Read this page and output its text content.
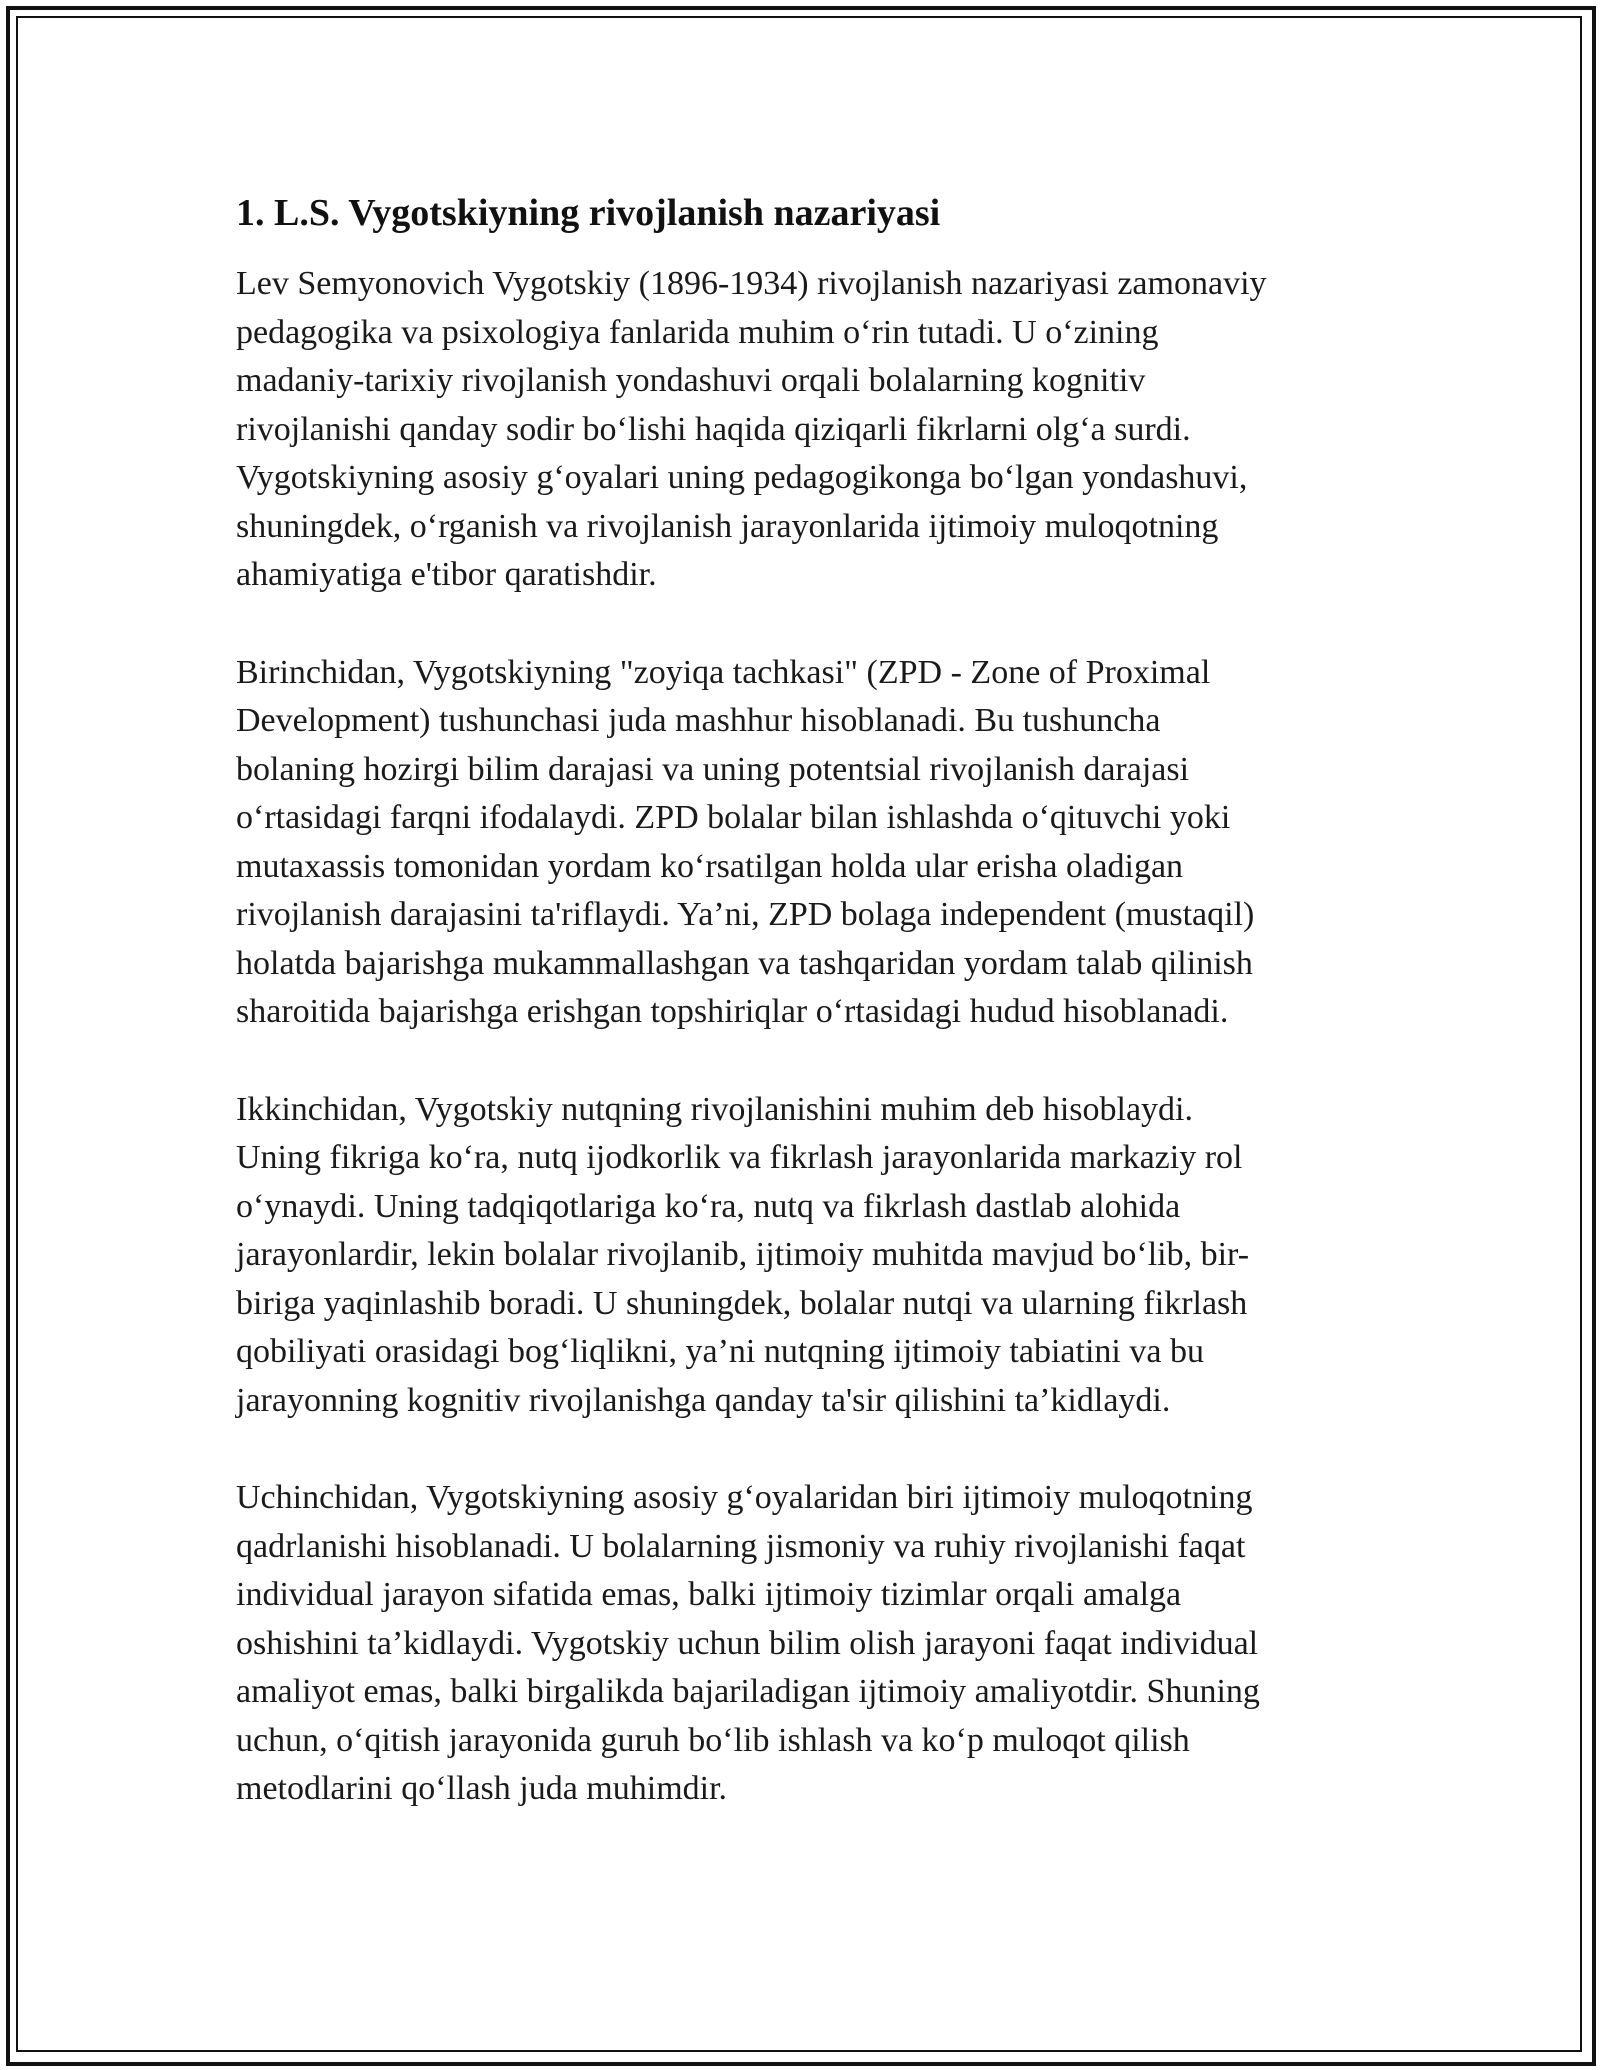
1. L.S. Vygotskiyning rivojlanish nazariyasi

Lev Semyonovich Vygotskiy (1896-1934) rivojlanish nazariyasi zamonaviy
pedagogika va psixologiya fanlarida muhim o‘rin tutadi. U o‘zining
madaniy-tarixiy rivojlanish yondashuvi orqali bolalarning kognitiv
rivojlanishi qanday sodir bo‘lishi haqida qiziqarli fikrlarni olg‘a surdi.
Vygotskiyning asosiy g‘oyalari uning pedagogikonga bo‘lgan yondashuvi,
shuningdek, o‘rganish va rivojlanish jarayonlarida ijtimoiy muloqotning
ahamiyatiga e'tibor qaratishdir.

Birinchidan, Vygotskiyning "zoyiqa tachkasi" (ZPD - Zone of Proximal
Development) tushunchasi juda mashhur hisoblanadi. Bu tushuncha
bolaning hozirgi bilim darajasi va uning potentsial rivojlanish darajasi
o‘rtasidagi farqni ifodalaydi. ZPD bolalar bilan ishlashda o‘qituvchi yoki
mutaxassis tomonidan yordam ko‘rsatilgan holda ular erisha oladigan
rivojlanish darajasini ta'riflaydi. Ya’ni, ZPD bolaga independent (mustaqil)
holatda bajarishga mukammallashgan va tashqaridan yordam talab qilinish
sharoitida bajarishga erishgan topshiriqlar o‘rtasidagi hudud hisoblanadi.

Ikkinchidan, Vygotskiy nutqning rivojlanishini muhim deb hisoblaydi.
Uning fikriga ko‘ra, nutq ijodkorlik va fikrlash jarayonlarida markaziy rol
o‘ynaydi. Uning tadqiqotlariga ko‘ra, nutq va fikrlash dastlab alohida
jarayonlardir, lekin bolalar rivojlanib, ijtimoiy muhitda mavjud bo‘lib, bir-
biriga yaqinlashib boradi. U shuningdek, bolalar nutqi va ularning fikrlash
qobiliyati orasidagi bog‘liqlikni, ya’ni nutqning ijtimoiy tabiatini va bu
jarayonning kognitiv rivojlanishga qanday ta'sir qilishini ta’kidlaydi.

Uchinchidan, Vygotskiyning asosiy g‘oyalaridan biri ijtimoiy muloqotning
qadrlanishi hisoblanadi. U bolalarning jismoniy va ruhiy rivojlanishi faqat
individual jarayon sifatida emas, balki ijtimoiy tizimlar orqali amalga
oshishini ta’kidlaydi. Vygotskiy uchun bilim olish jarayoni faqat individual
amaliyot emas, balki birgalikda bajariladigan ijtimoiy amaliyotdir. Shuning
uchun, o‘qitish jarayonida guruh bo‘lib ishlash va ko‘p muloqot qilish
metodlarini qo‘llash juda muhimdir.
